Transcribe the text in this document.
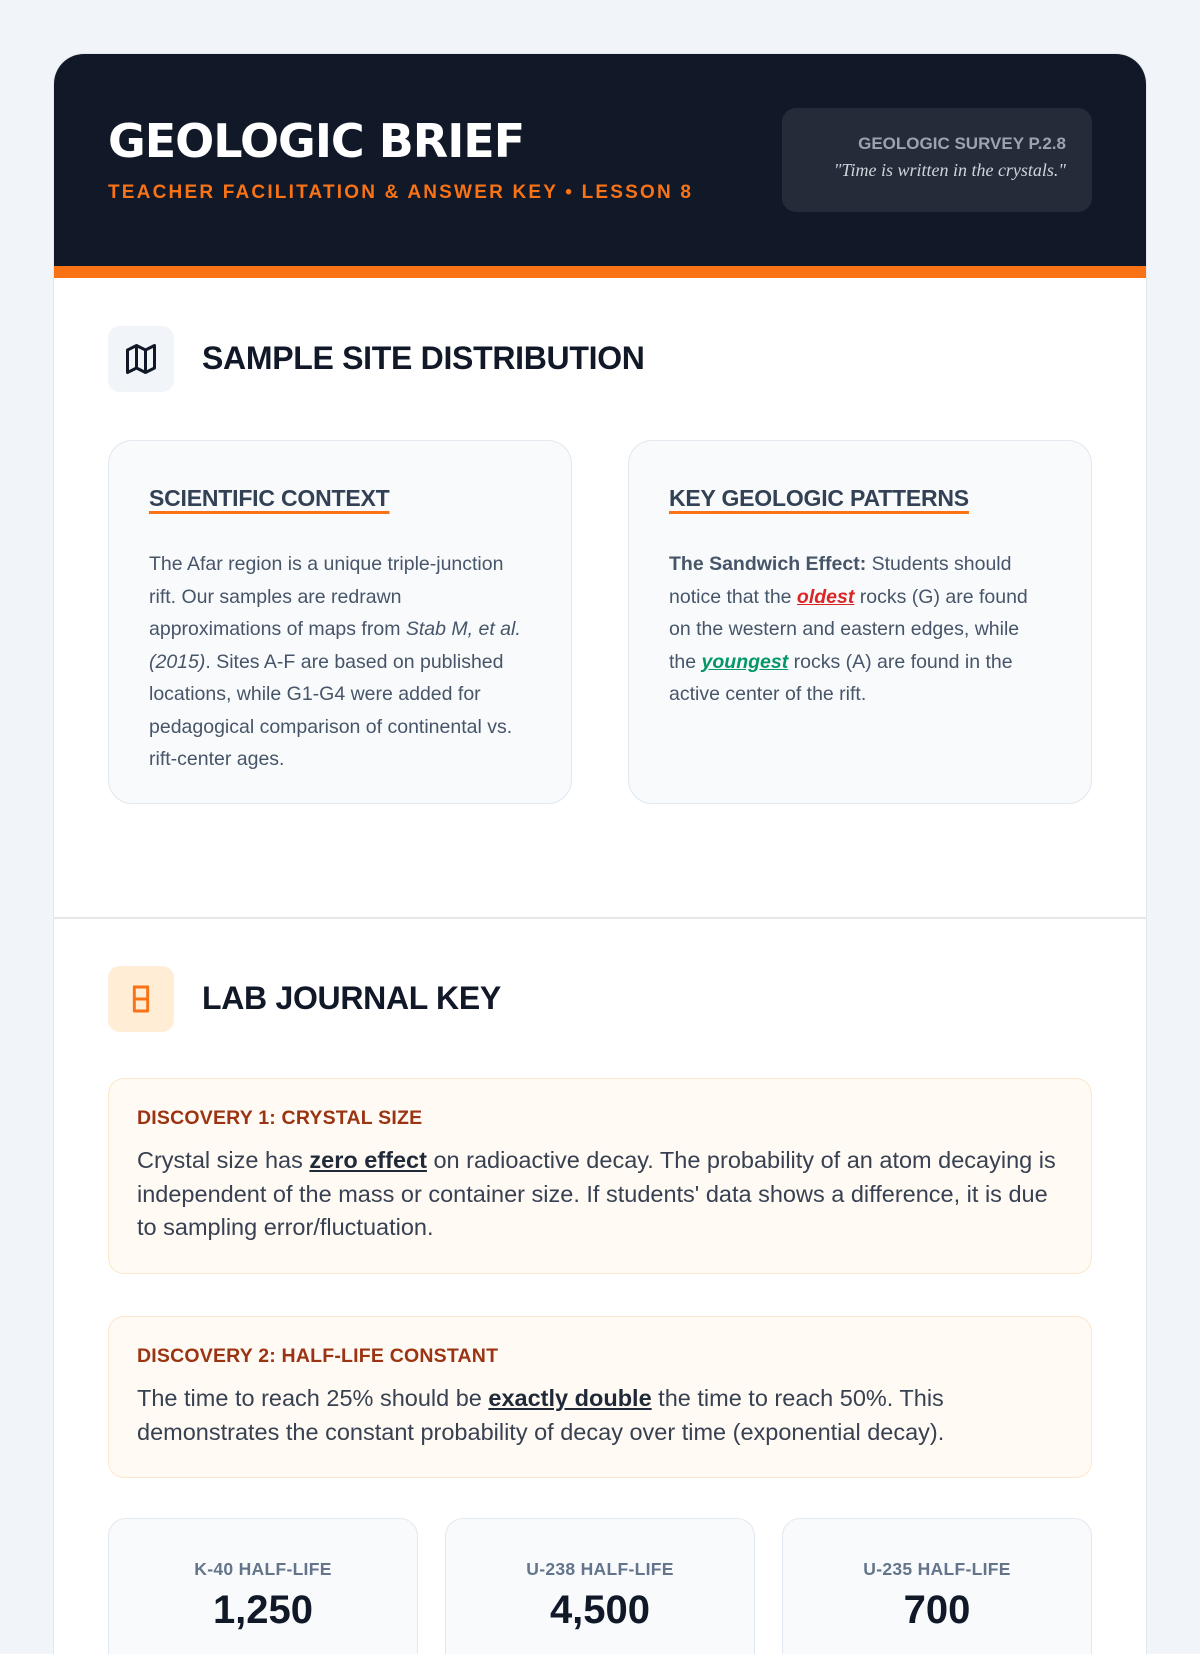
GEOLOGIC BRIEF
TEACHER FACILITATION & ANSWER KEY • LESSON 8
GEOLOGIC SURVEY P.2.8
"Time is written in the crystals."
SAMPLE SITE DISTRIBUTION
SCIENTIFIC CONTEXT

The Afar region is a unique triple-junction rift. Our samples are redrawn approximations of maps from Stab M, et al. (2015). Sites A-F are based on published locations, while G1-G4 were added for pedagogical comparison of continental vs. rift-center ages.

KEY GEOLOGIC PATTERNS

The Sandwich Effect: Students should notice that the oldest rocks (G) are found on the western and eastern edges, while the youngest rocks (A) are found in the active center of the rift.

LAB JOURNAL KEY
DISCOVERY 1: CRYSTAL SIZE
Crystal size has zero effect on radioactive decay. The probability of an atom decaying is independent of the mass or container size. If students' data shows a difference, it is due to sampling error/fluctuation.
DISCOVERY 2: HALF-LIFE CONSTANT
The time to reach 25% should be exactly double the time to reach 50%. This demonstrates the constant probability of decay over time (exponential decay).
K-40 HALF-LIFE
1,250
U-238 HALF-LIFE
4,500
U-235 HALF-LIFE
700
